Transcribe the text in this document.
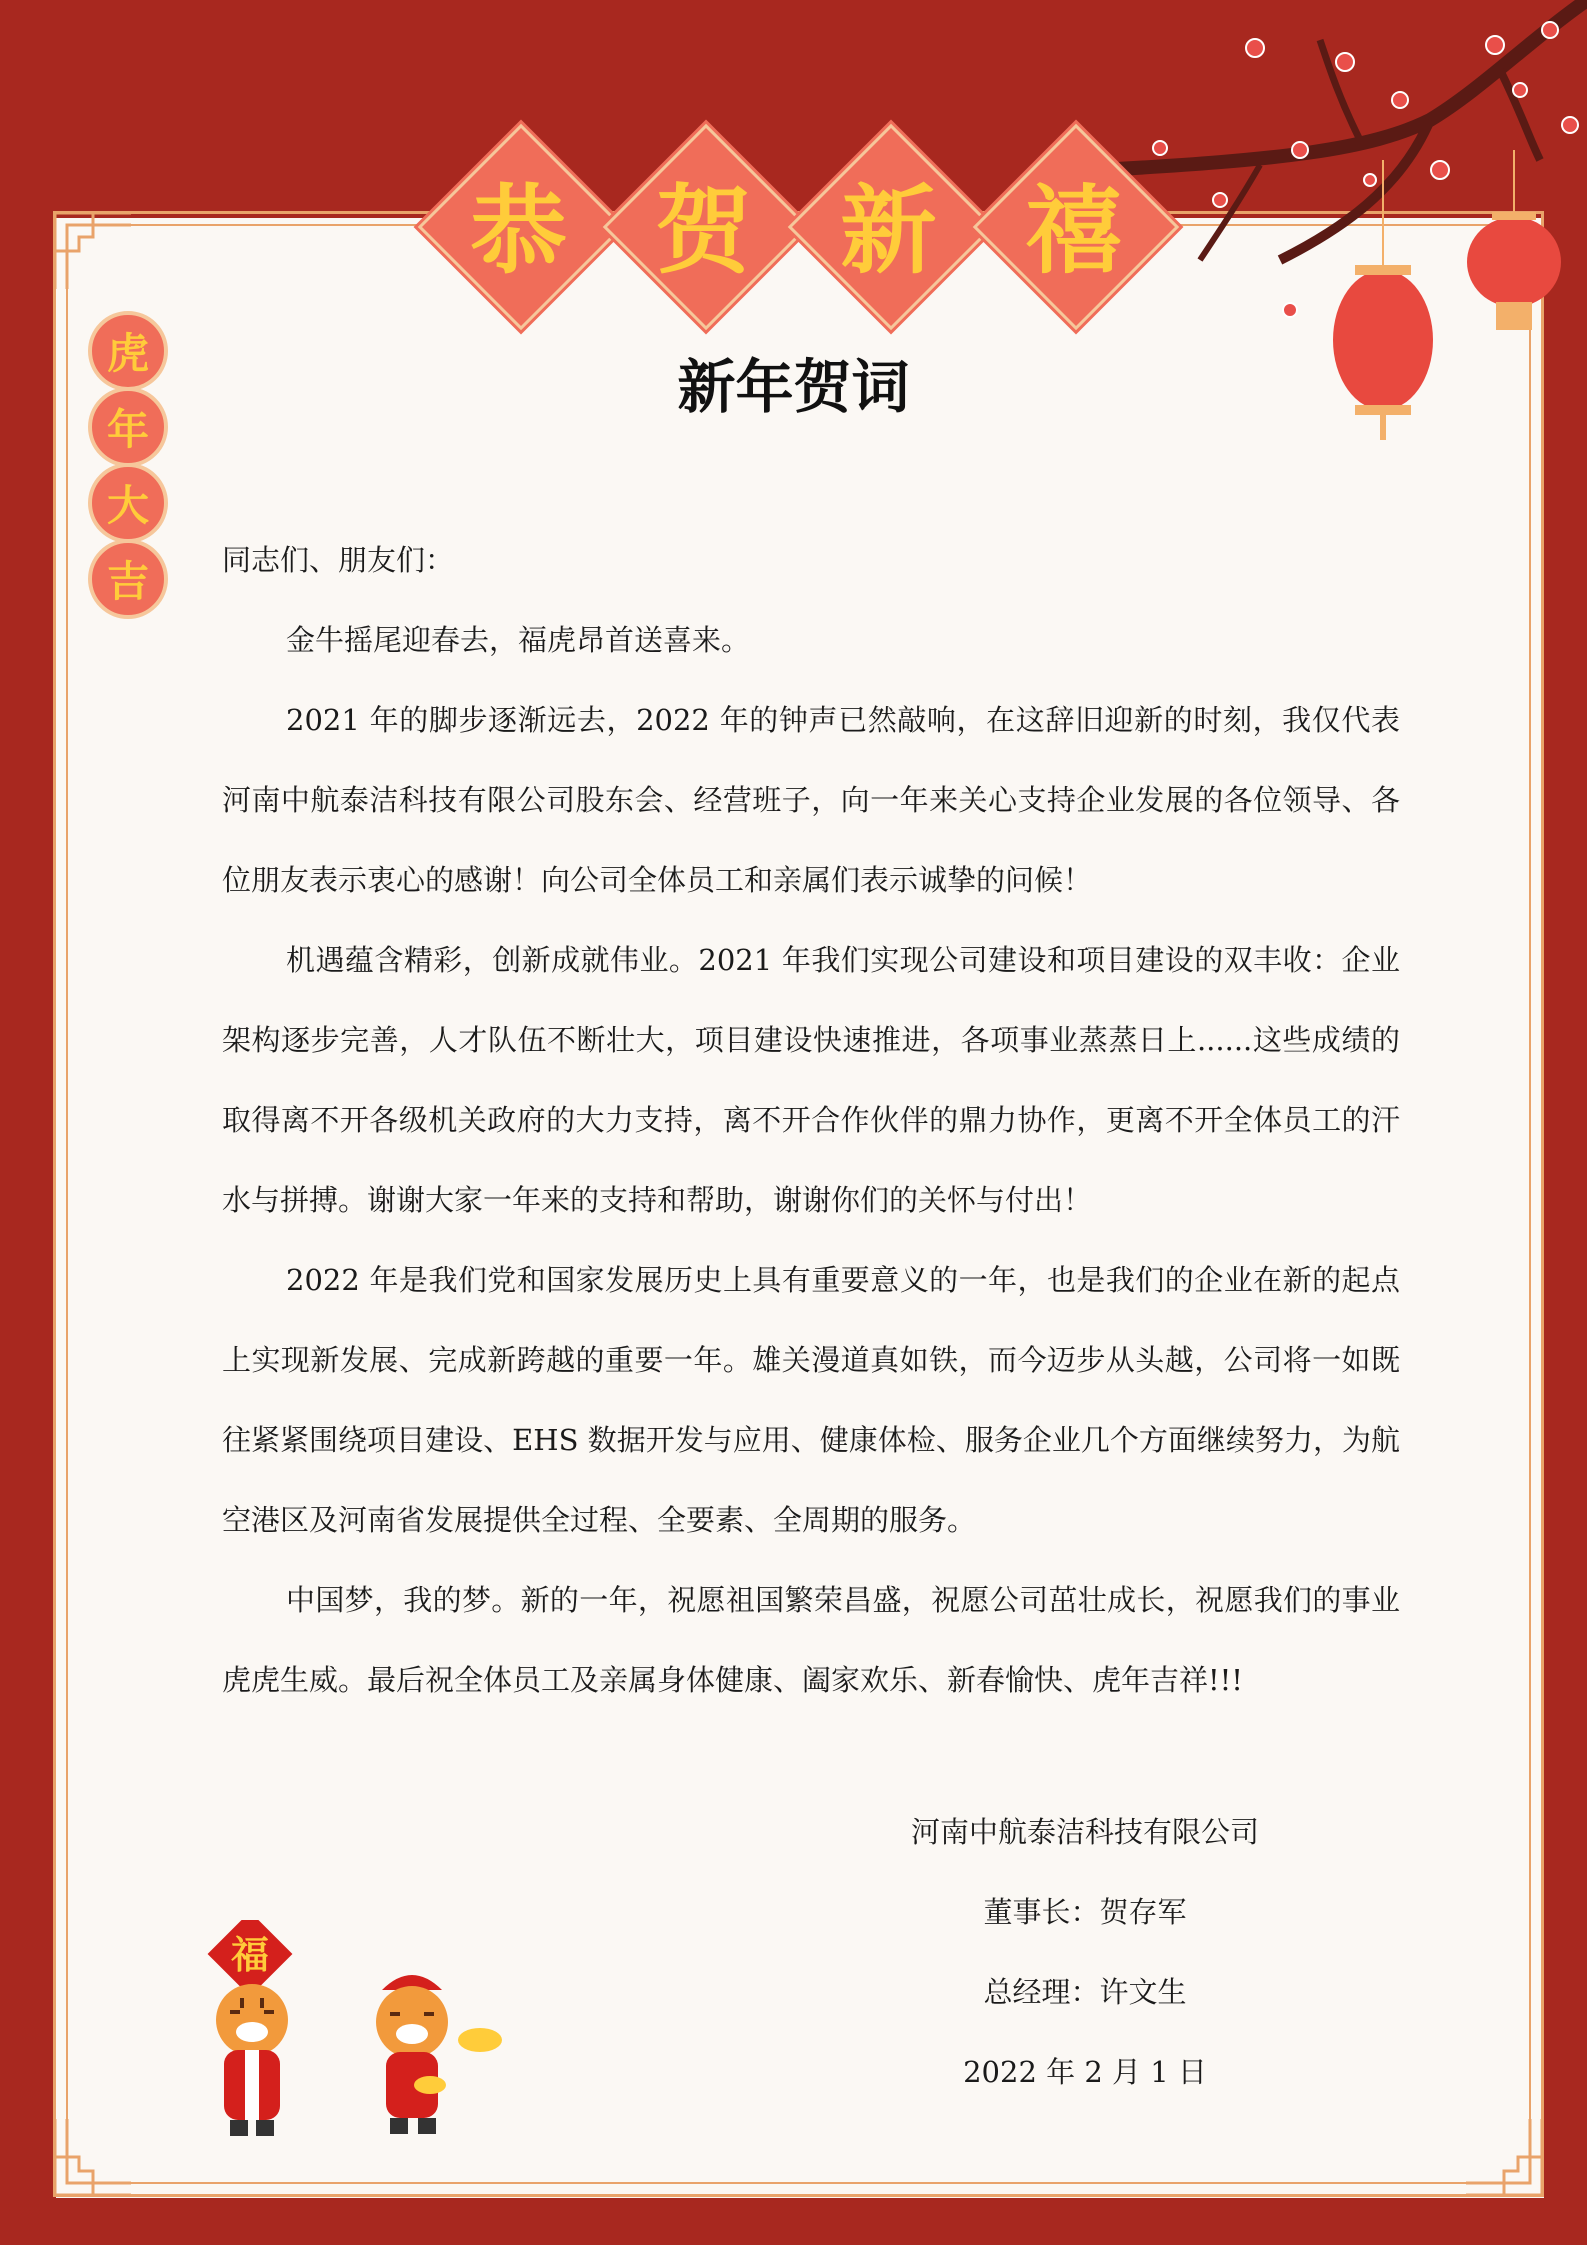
恭 贺 新 禧
虎
年
大
吉
新年贺词

同志们、朋友们：

金牛摇尾迎春去，福虎昂首送喜来。

2021 年的脚步逐渐远去，2022 年的钟声已然敲响，在这辞旧迎新的时刻，我仅代表河南中航泰洁科技有限公司股东会、经营班子，向一年来关心支持企业发展的各位领导、各位朋友表示衷心的感谢！向公司全体员工和亲属们表示诚挚的问候！

机遇蕴含精彩，创新成就伟业。2021 年我们实现公司建设和项目建设的双丰收：企业架构逐步完善，人才队伍不断壮大，项目建设快速推进，各项事业蒸蒸日上......这些成绩的取得离不开各级机关政府的大力支持，离不开合作伙伴的鼎力协作，更离不开全体员工的汗水与拼搏。谢谢大家一年来的支持和帮助，谢谢你们的关怀与付出！

2022 年是我们党和国家发展历史上具有重要意义的一年，也是我们的企业在新的起点上实现新发展、完成新跨越的重要一年。雄关漫道真如铁，而今迈步从头越，公司将一如既往紧紧围绕项目建设、EHS 数据开发与应用、健康体检、服务企业几个方面继续努力，为航空港区及河南省发展提供全过程、全要素、全周期的服务。

中国梦，我的梦。新的一年，祝愿祖国繁荣昌盛，祝愿公司茁壮成长，祝愿我们的事业虎虎生威。最后祝全体员工及亲属身体健康、阖家欢乐、新春愉快、虎年吉祥!!!

河南中航泰洁科技有限公司
董事长：贺存军
总经理：许文生
2022 年 2 月 1 日
福
